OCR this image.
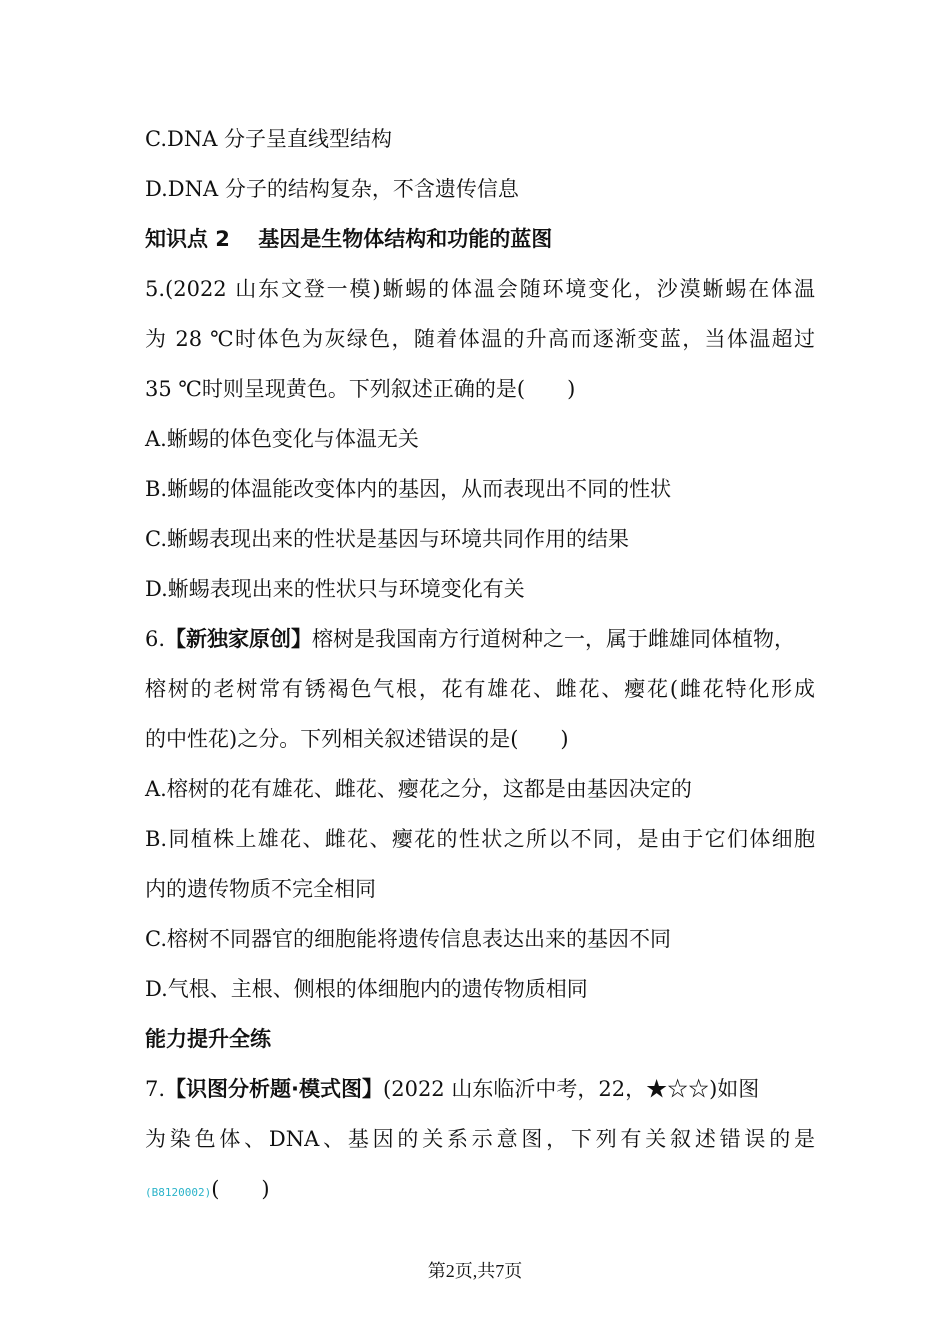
C.DNA 分子呈直线型结构
D.DNA 分子的结构复杂，不含遗传信息
知识点 2　 基因是生物体结构和功能的蓝图
5.(2022 山东文登一模)蜥蜴的体温会随环境变化，沙漠蜥蜴在体温
为 28 ℃时体色为灰绿色，随着体温的升高而逐渐变蓝，当体温超过
35 ℃时则呈现黄色。下列叙述正确的是(　　)
A.蜥蜴的体色变化与体温无关
B.蜥蜴的体温能改变体内的基因，从而表现出不同的性状
C.蜥蜴表现出来的性状是基因与环境共同作用的结果
D.蜥蜴表现出来的性状只与环境变化有关
6.【新独家原创】榕树是我国南方行道树种之一，属于雌雄同体植物，
榕树的老树常有锈褐色气根，花有雄花、雌花、瘿花(雌花特化形成
的中性花)之分。下列相关叙述错误的是(　　)
A.榕树的花有雄花、雌花、瘿花之分，这都是由基因决定的
B.同植株上雄花、雌花、瘿花的性状之所以不同，是由于它们体细胞
内的遗传物质不完全相同
C.榕树不同器官的细胞能将遗传信息表达出来的基因不同
D.气根、主根、侧根的体细胞内的遗传物质相同
能力提升全练
7.【识图分析题·模式图】(2022 山东临沂中考，22，★☆☆)如图
为染色体、DNA、基因的关系示意图，下列有关叙述错误的是
(B8120002)(　　)
第2页,共7页
